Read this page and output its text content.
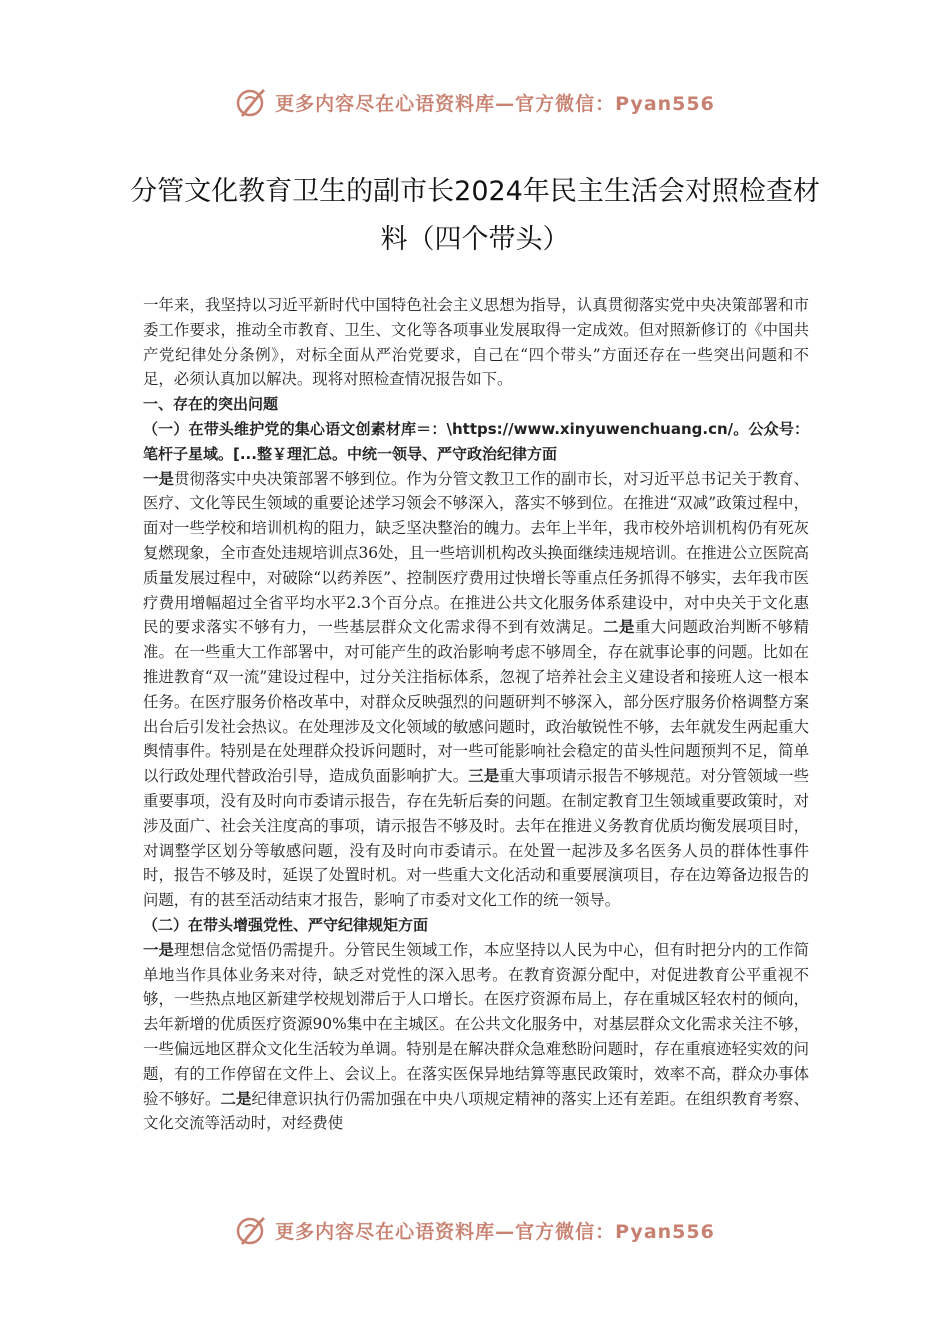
更多内容尽在心语资料库—官方微信：Pyan556
分管文化教育卫生的副市长2024年民主生活会对照检查材料（四个带头）

一年来，我坚持以习近平新时代中国特色社会主义思想为指导，认真贯彻落实党中央决策部署和市委工作要求，推动全市教育、卫生、文化等各项事业发展取得一定成效。但对照新修订的《中国共产党纪律处分条例》，对标全面从严治党要求，自己在“四个带头”方面还存在一些突出问题和不足，必须认真加以解决。现将对照检查情况报告如下。

一、存在的突出问题

（一）在带头维护党的集心语文创素材库＝：\https://www.xinyuwenchuang.cn/。公众号：笔杆子星域。[...整￥理汇总。中统一领导、严守政治纪律方面

一是贯彻落实中央决策部署不够到位。作为分管文教卫工作的副市长，对习近平总书记关于教育、医疗、文化等民生领域的重要论述学习领会不够深入，落实不够到位。在推进“双减”政策过程中，面对一些学校和培训机构的阻力，缺乏坚决整治的魄力。去年上半年，我市校外培训机构仍有死灰复燃现象，全市查处违规培训点36处，且一些培训机构改头换面继续违规培训。在推进公立医院高质量发展过程中，对破除“以药养医”、控制医疗费用过快增长等重点任务抓得不够实，去年我市医疗费用增幅超过全省平均水平2.3个百分点。在推进公共文化服务体系建设中，对中央关于文化惠民的要求落实不够有力，一些基层群众文化需求得不到有效满足。二是重大问题政治判断不够精准。在一些重大工作部署中，对可能产生的政治影响考虑不够周全，存在就事论事的问题。比如在推进教育“双一流”建设过程中，过分关注指标体系，忽视了培养社会主义建设者和接班人这一根本任务。在医疗服务价格改革中，对群众反映强烈的问题研判不够深入，部分医疗服务价格调整方案出台后引发社会热议。在处理涉及文化领域的敏感问题时，政治敏锐性不够，去年就发生两起重大舆情事件。特别是在处理群众投诉问题时，对一些可能影响社会稳定的苗头性问题预判不足，简单以行政处理代替政治引导，造成负面影响扩大。三是重大事项请示报告不够规范。对分管领域一些重要事项，没有及时向市委请示报告，存在先斩后奏的问题。在制定教育卫生领域重要政策时，对涉及面广、社会关注度高的事项，请示报告不够及时。去年在推进义务教育优质均衡发展项目时，对调整学区划分等敏感问题，没有及时向市委请示。在处置一起涉及多名医务人员的群体性事件时，报告不够及时，延误了处置时机。对一些重大文化活动和重要展演项目，存在边筹备边报告的问题，有的甚至活动结束才报告，影响了市委对文化工作的统一领导。

（二）在带头增强党性、严守纪律规矩方面

一是理想信念觉悟仍需提升。分管民生领域工作，本应坚持以人民为中心，但有时把分内的工作简单地当作具体业务来对待，缺乏对党性的深入思考。在教育资源分配中，对促进教育公平重视不够，一些热点地区新建学校规划滞后于人口增长。在医疗资源布局上，存在重城区轻农村的倾向，去年新增的优质医疗资源90%集中在主城区。在公共文化服务中，对基层群众文化需求关注不够，一些偏远地区群众文化生活较为单调。特别是在解决群众急难愁盼问题时，存在重痕迹轻实效的问题，有的工作停留在文件上、会议上。在落实医保异地结算等惠民政策时，效率不高，群众办事体验不够好。二是纪律意识执行仍需加强在中央八项规定精神的落实上还有差距。在组织教育考察、文化交流等活动时，对经费使

更多内容尽在心语资料库—官方微信：Pyan556
